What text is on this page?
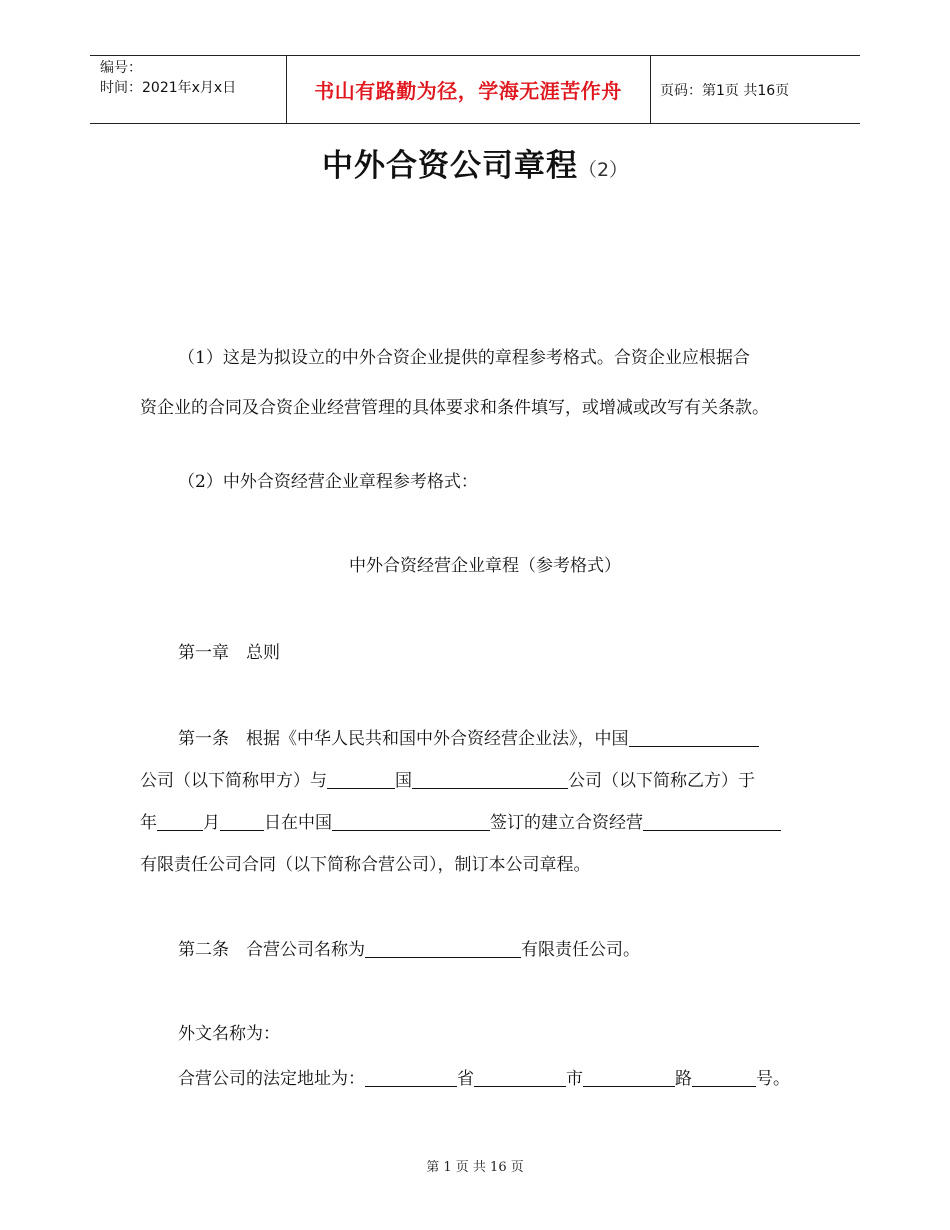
编号：
时间：2021年x月x日	书山有路勤为径，学海无涯苦作舟	页码：第1页 共16页
中外合资公司章程（2）
（1）这是为拟设立的中外合资企业提供的章程参考格式。合资企业应根据合
资企业的合同及合资企业经营管理的具体要求和条件填写，或增减或改写有关条款。
（2）中外合资经营企业章程参考格式：
中外合资经营企业章程（参考格式）
第一章　总则
第一条　根据《中华人民共和国中外合资经营企业法》，中国
公司（以下简称甲方）与	国	公司（以下简称乙方）于
年	月	日在中国	签订的建立合资经营
有限责任公司合同（以下简称合营公司），制订本公司章程。
第二条　合营公司名称为	有限责任公司。
外文名称为：
合营公司的法定地址为：	省	市	路	号。
第 1 页 共 16 页
